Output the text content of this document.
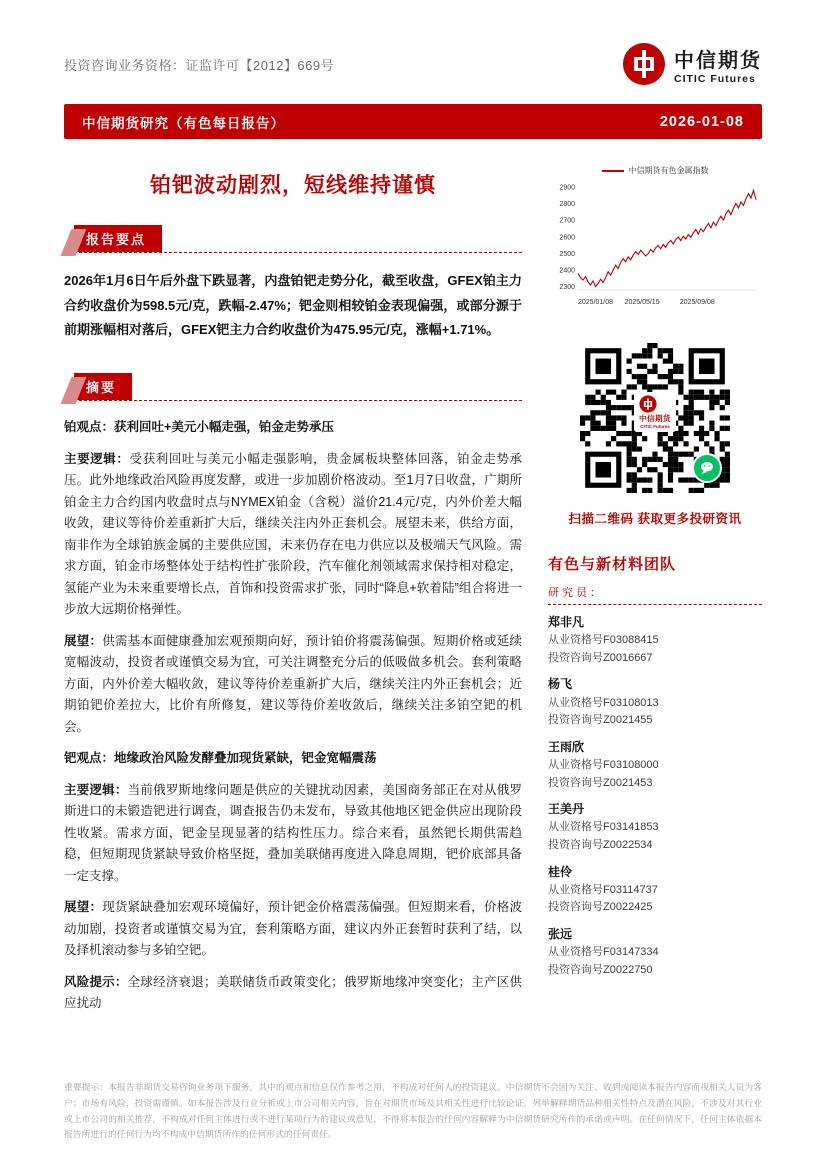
投资咨询业务资格：证监许可【2012】669号	中信期货
CITIC Futures
中信期货研究（有色每日报告）	2026-01-08
铂钯波动剧烈，短线维持谨慎
报告要点

2026年1月6日午后外盘下跌显著，内盘铂钯走势分化，截至收盘，GFEX铂主力合约收盘价为598.5元/克，跌幅-2.47%；钯金则相较铂金表现偏强，或部分源于前期涨幅相对落后，GFEX钯主力合约收盘价为475.95元/克，涨幅+1.71%。

摘要

铂观点：获利回吐+美元小幅走强，铂金走势承压

主要逻辑：受获利回吐与美元小幅走强影响，贵金属板块整体回落，铂金走势承压。此外地缘政治风险再度发酵，或进一步加剧价格波动。至1月7日收盘，广期所铂金主力合约国内收盘时点与NYMEX铂金（含税）溢价21.4元/克，内外价差大幅收敛，建议等待价差重新扩大后，继续关注内外正套机会。展望未来，供给方面，南非作为全球铂族金属的主要供应国，未来仍存在电力供应以及极端天气风险。需求方面，铂金市场整体处于结构性扩张阶段，汽车催化剂领域需求保持相对稳定，氢能产业为未来重要增长点，首饰和投资需求扩张，同时“降息+软着陆”组合将进一步放大远期价格弹性。

展望：供需基本面健康叠加宏观预期向好，预计铂价将震荡偏强。短期价格或延续宽幅波动，投资者或谨慎交易为宜，可关注调整充分后的低吸做多机会。套利策略方面，内外价差大幅收敛，建议等待价差重新扩大后，继续关注内外正套机会；近期铂钯价差拉大，比价有所修复，建议等待价差收敛后，继续关注多铂空钯的机会。

钯观点：地缘政治风险发酵叠加现货紧缺，钯金宽幅震荡

主要逻辑：当前俄罗斯地缘问题是供应的关键扰动因素，美国商务部正在对从俄罗斯进口的未锻造钯进行调查，调查报告仍未发布，导致其他地区钯金供应出现阶段性收紧。需求方面，钯金呈现显著的结构性压力。综合来看，虽然钯长期供需趋稳，但短期现货紧缺导致价格坚挺，叠加美联储再度进入降息周期，钯价底部具备一定支撑。

展望：现货紧缺叠加宏观环境偏好，预计钯金价格震荡偏强。但短期来看，价格波动加剧，投资者或谨慎交易为宜，套利策略方面，建议内外正套暂时获利了结，以及择机滚动参与多铂空钯。

风险提示：全球经济衰退；美联储货币政策变化；俄罗斯地缘冲突变化；主产区供应扰动

中信期货有色金属指数
2300
2400
2500
2600
2700
2800
2900
2025/01/08 2025/05/15	2025/09/08
中信期货
CITIC Futures
扫描二维码 获取更多投研资讯
有色与新材料团队
研究员：
郑非凡
从业资格号F03088415
投资咨询号Z0016667
杨飞
从业资格号F03108013
投资咨询号Z0021455
王雨欣
从业资格号F03108000
投资咨询号Z0021453
王美丹
从业资格号F03141853
投资咨询号Z0022534
桂伶
从业资格号F03114737
投资咨询号Z0022425
张远
从业资格号F03147334
投资咨询号Z0022750
重要提示：本报告非期货交易咨询业务项下服务，其中的观点和信息仅作参考之用，不构成对任何人的投资建议。中信期货不会因为关注、收到或阅读本报告内容而视相关人员为客户；市场有风险，投资需谨慎。如本报告涉及行业分析或上市公司相关内容，旨在对期货市场及其相关性进行比较论证，列举解释期货品种相关性特点及潜在风险，不涉及对其行业或上市公司的相关推荐，不构成对任何主体进行或不进行某项行为的建议或意见，不得将本报告的任何内容解释为中信期货研究所作的承诺或声明。在任何情况下，任何主体依据本报告所进行的任何行为均不构成中信期货所作的任何形式的任何责任。
